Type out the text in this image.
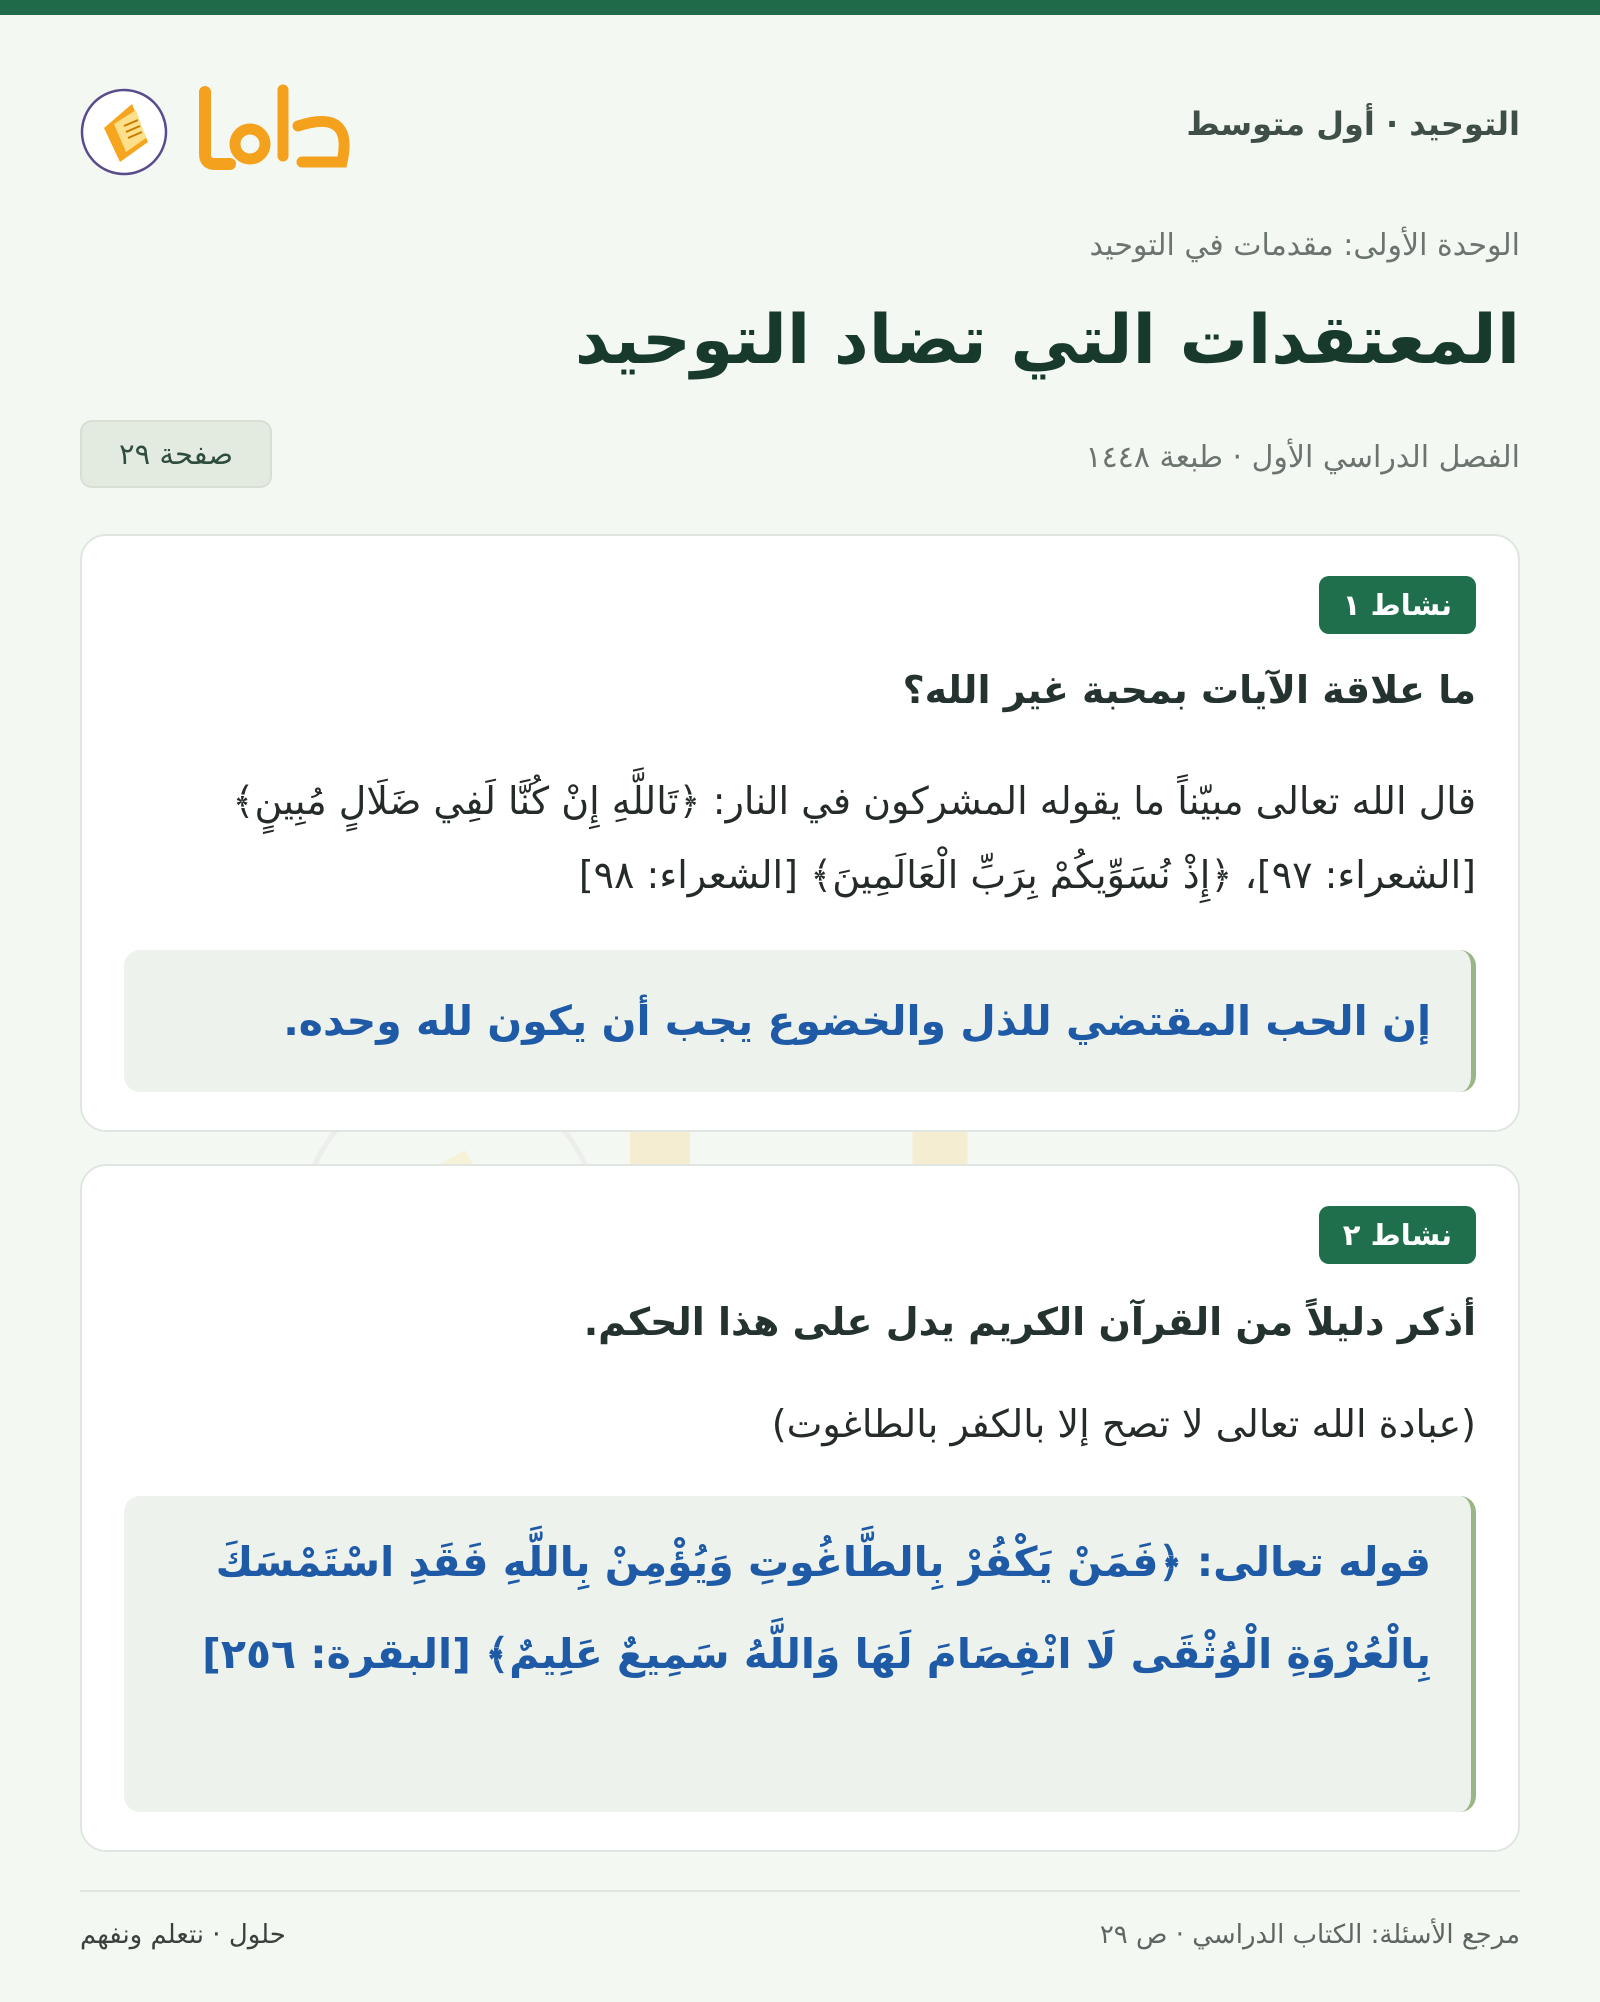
التوحيد · أول متوسط
الوحدة الأولى: مقدمات في التوحيد
المعتقدات التي تضاد التوحيد
الفصل الدراسي الأول · طبعة ١٤٤٨
صفحة ٢٩
نشاط ١
ما علاقة الآيات بمحبة غير الله؟
قال الله تعالى مبيّناً ما يقوله المشركون في النار: ﴿تَاللَّهِ إِنْ كُنَّا لَفِي ضَلَالٍ مُبِينٍ﴾ [الشعراء: ٩٧]، ﴿إِذْ نُسَوِّيكُمْ بِرَبِّ الْعَالَمِينَ﴾ [الشعراء: ٩٨]
إن الحب المقتضي للذل والخضوع يجب أن يكون لله وحده.
نشاط ٢
أذكر دليلاً من القرآن الكريم يدل على هذا الحكم.
(عبادة الله تعالى لا تصح إلا بالكفر بالطاغوت)
قوله تعالى: ﴿فَمَنْ يَكْفُرْ بِالطَّاغُوتِ وَيُؤْمِنْ بِاللَّهِ فَقَدِ اسْتَمْسَكَ بِالْعُرْوَةِ الْوُثْقَى لَا انْفِصَامَ لَهَا وَاللَّهُ سَمِيعٌ عَلِيمٌ﴾ [البقرة: ٢٥٦]
مرجع الأسئلة: الكتاب الدراسي · ص ٢٩
حلول · نتعلم ونفهم
